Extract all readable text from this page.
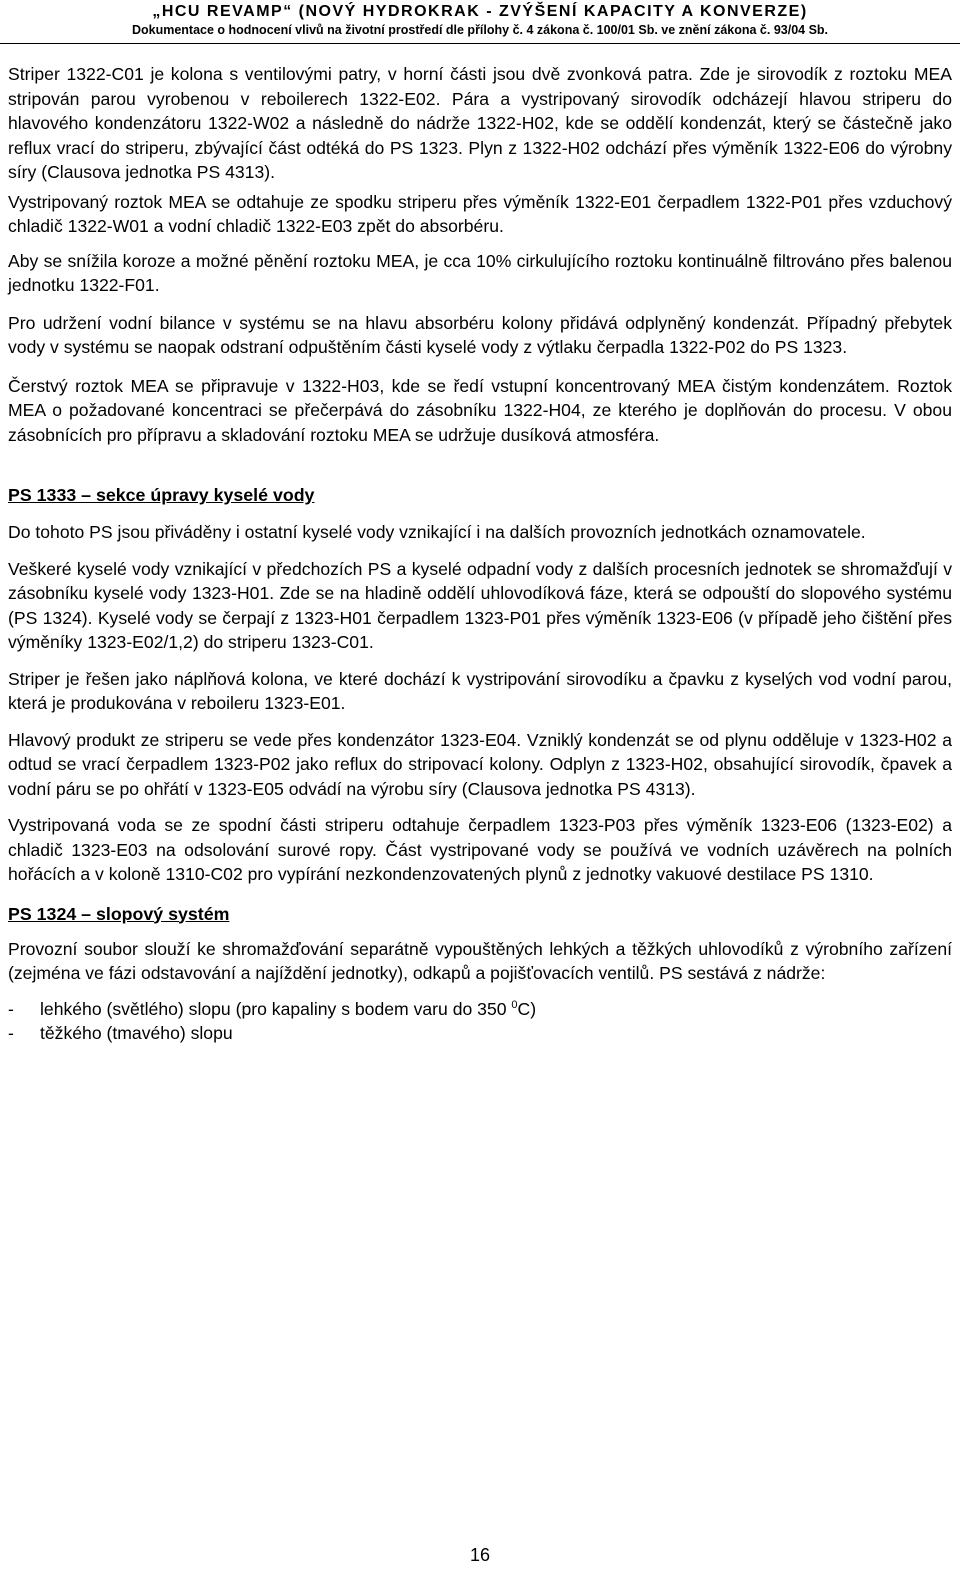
„HCU REVAMP“ (NOVÝ HYDROKRAK - ZVÝŠENÍ KAPACITY A KONVERZE)
Dokumentace o hodnocení vlivů na životní prostředí dle přílohy č. 4 zákona č. 100/01 Sb. ve znění zákona č. 93/04 Sb.

Striper 1322-C01 je kolona s ventilovými patry, v horní části jsou dvě zvonková patra. Zde je sirovodík z roztoku MEA stripován parou vyrobenou v reboilerech 1322-E02. Pára a vystripovaný sirovodík odcházejí hlavou striperu do hlavového kondenzátoru 1322-W02 a následně do nádrže 1322-H02, kde se oddělí kondenzát, který se částečně jako reflux vrací do striperu, zbývající část odtéká do PS 1323. Plyn z 1322-H02 odchází přes výměník 1322-E06 do výrobny síry (Clausova jednotka PS 4313).

Vystripovaný roztok MEA se odtahuje ze spodku striperu přes výměník 1322-E01 čerpadlem 1322-P01 přes vzduchový chladič 1322-W01 a vodní chladič 1322-E03 zpět do absorbéru.

Aby se snížila koroze a možné pěnění roztoku MEA, je cca 10% cirkulujícího roztoku kontinuálně filtrováno přes balenou jednotku 1322-F01.

Pro udržení vodní bilance v systému se na hlavu absorbéru kolony přidává odplyněný kondenzát. Případný přebytek vody v systému se naopak odstraní odpuštěním části kyselé vody z výtlaku čerpadla 1322-P02 do PS 1323.

Čerstvý roztok MEA se připravuje v 1322-H03, kde se ředí vstupní koncentrovaný MEA čistým kondenzátem. Roztok MEA o požadované koncentraci se přečerpává do zásobníku 1322-H04, ze kterého je doplňován do procesu. V obou zásobnících pro přípravu a skladování roztoku MEA se udržuje dusíková atmosféra.

PS 1333 – sekce úpravy kyselé vody

Do tohoto PS jsou přiváděny i ostatní kyselé vody vznikající i na dalších provozních jednotkách oznamovatele.

Veškeré kyselé vody vznikající v předchozích PS a kyselé odpadní vody z dalších procesních jednotek se shromažďují v zásobníku kyselé vody 1323-H01. Zde se na hladině oddělí uhlovodíková fáze, která se odpouští do slopového systému (PS 1324). Kyselé vody se čerpají z 1323-H01 čerpadlem 1323-P01 přes výměník 1323-E06 (v případě jeho čištění přes výměníky 1323-E02/1,2) do striperu 1323-C01.

Striper je řešen jako náplňová kolona, ve které dochází k vystripování sirovodíku a čpavku z kyselých vod vodní parou, která je produkována v reboileru 1323-E01.

Hlavový produkt ze striperu se vede přes kondenzátor 1323-E04. Vzniklý kondenzát se od plynu odděluje v 1323-H02 a odtud se vrací čerpadlem 1323-P02 jako reflux do stripovací kolony. Odplyn z 1323-H02, obsahující sirovodík, čpavek a vodní páru se po ohřátí v 1323-E05 odvádí na výrobu síry (Clausova jednotka PS 4313).

Vystripovaná voda se ze spodní části striperu odtahuje čerpadlem 1323-P03 přes výměník 1323-E06 (1323-E02) a chladič 1323-E03 na odsolování surové ropy. Část vystripované vody se používá ve vodních uzávěrech na polních hořácích a v koloně 1310-C02 pro vypírání nezkondenzovatených plynů z jednotky vakuové destilace PS 1310.

PS 1324 – slopový systém

Provozní soubor slouží ke shromažďování separátně vypouštěných lehkých a těžkých uhlovodíků z výrobního zařízení (zejména ve fázi odstavování a najíždění jednotky), odkapů a pojišťovacích ventilů. PS sestává z nádrže:

-	lehkého (světlého) slopu (pro kapaliny s bodem varu do 350 $^0$C)
-	těžkého (tmavého) slopu
16
